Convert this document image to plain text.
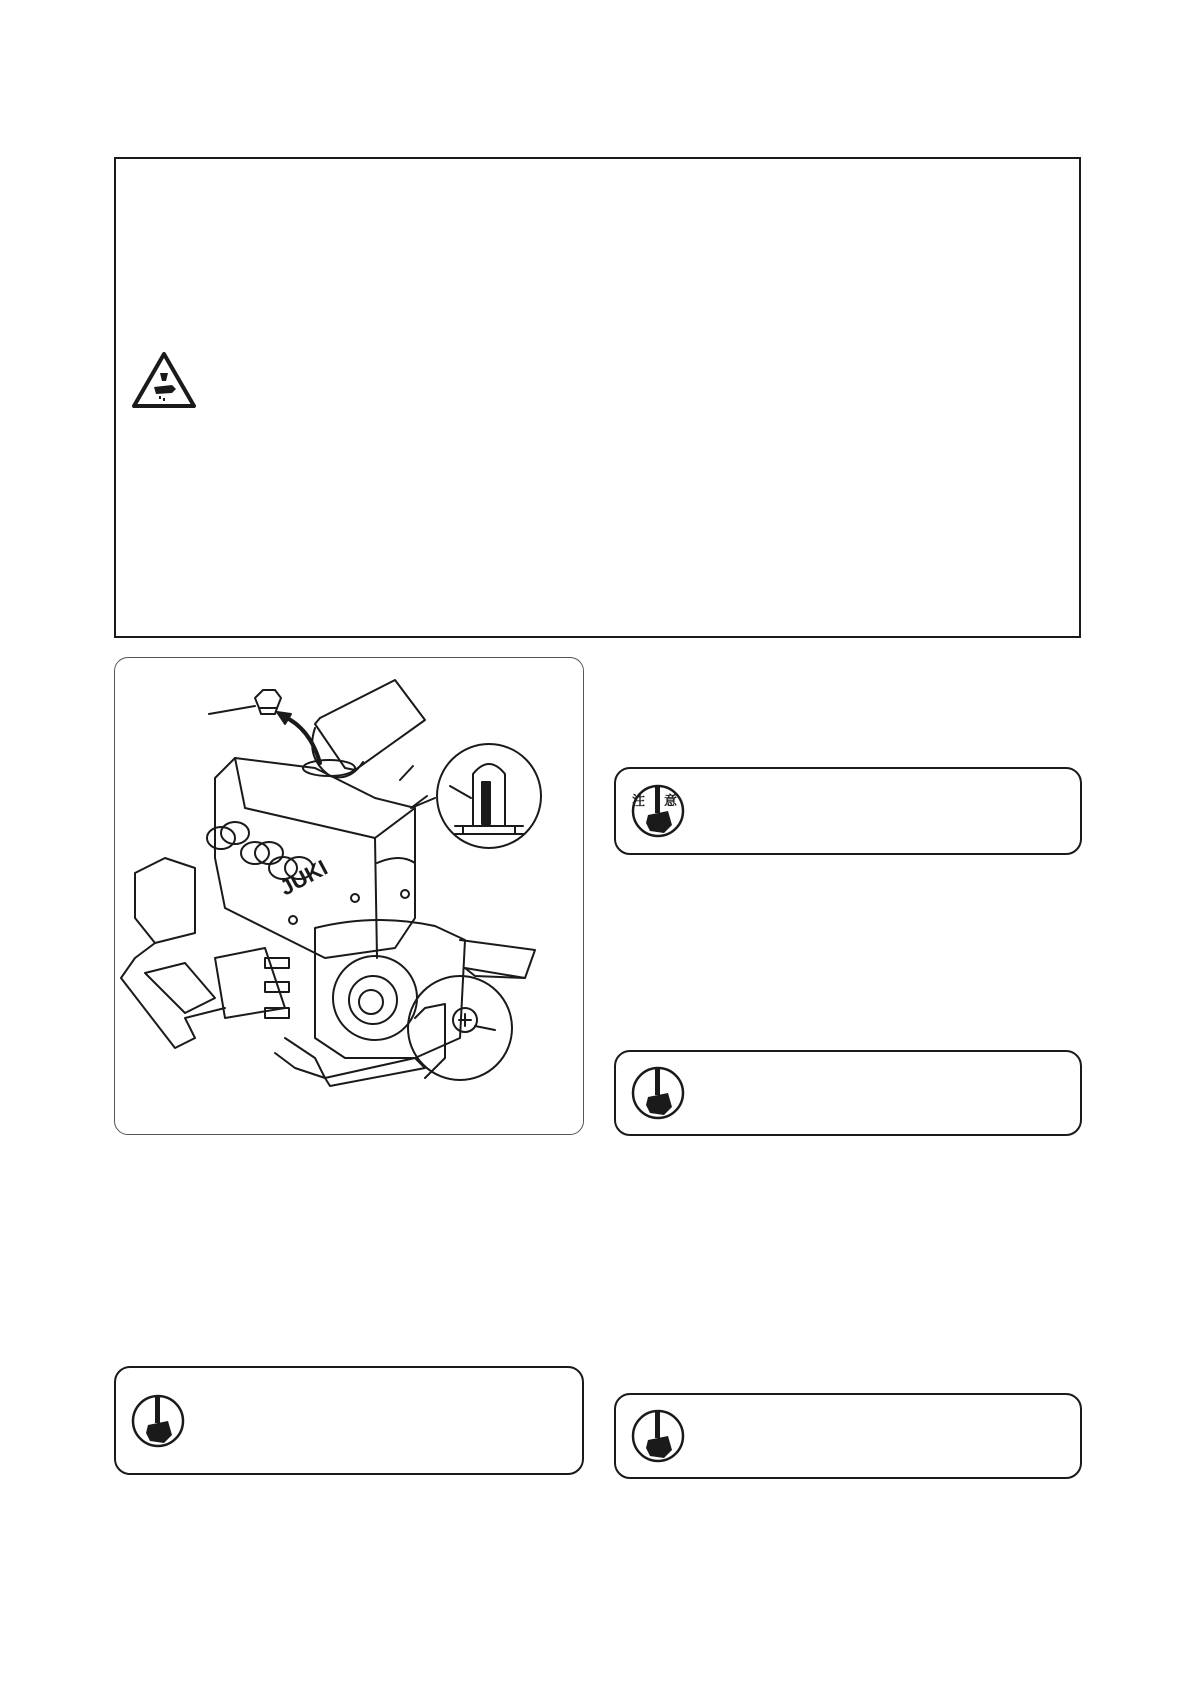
JUKI
注 意
